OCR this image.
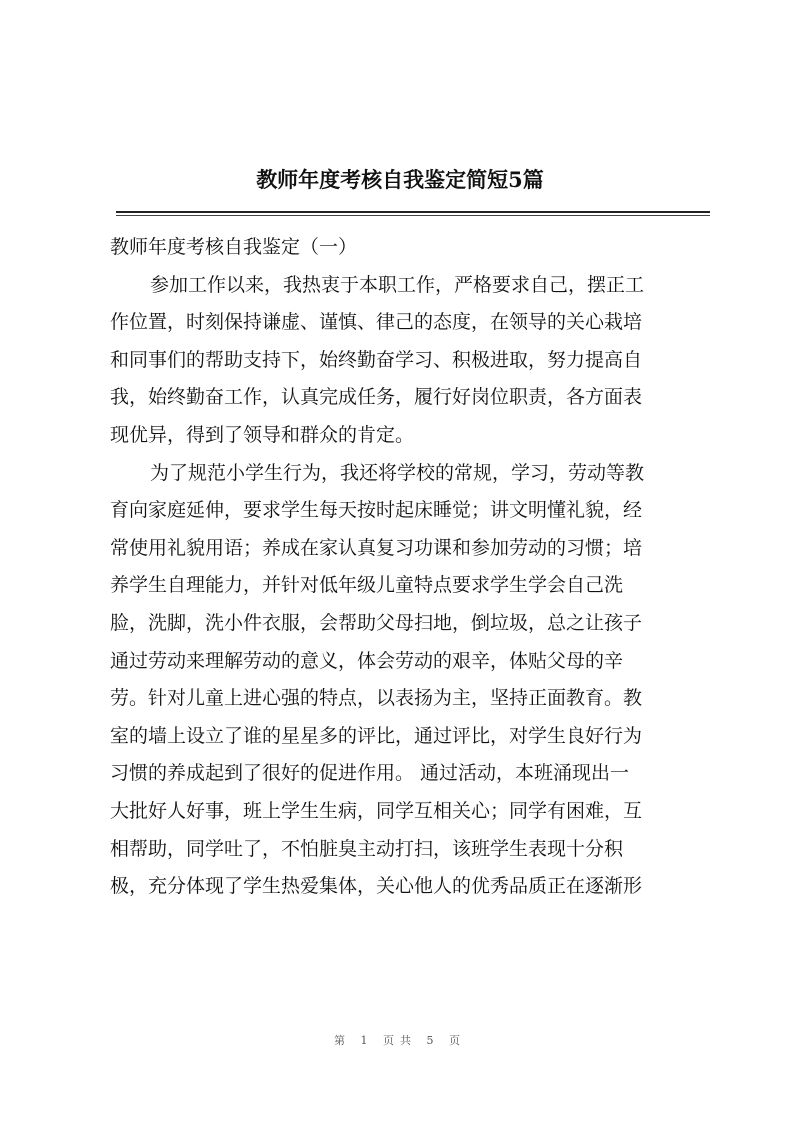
教师年度考核自我鉴定简短5篇
教师年度考核自我鉴定（一）
参加工作以来，我热衷于本职工作，严格要求自己，摆正工
作位置，时刻保持谦虚、谨慎、律己的态度，在领导的关心栽培
和同事们的帮助支持下，始终勤奋学习、积极进取，努力提高自
我，始终勤奋工作，认真完成任务，履行好岗位职责，各方面表
现优异，得到了领导和群众的肯定。
为了规范小学生行为，我还将学校的常规，学习，劳动等教
育向家庭延伸，要求学生每天按时起床睡觉；讲文明懂礼貌，经
常使用礼貌用语；养成在家认真复习功课和参加劳动的习惯；培
养学生自理能力，并针对低年级儿童特点要求学生学会自己洗
脸，洗脚，洗小件衣服，会帮助父母扫地，倒垃圾，总之让孩子
通过劳动来理解劳动的意义，体会劳动的艰辛，体贴父母的辛
劳。针对儿童上进心强的特点，以表扬为主，坚持正面教育。教
室的墙上设立了谁的星星多的评比，通过评比，对学生良好行为
习惯的养成起到了很好的促进作用。 通过活动，本班涌现出一
大批好人好事，班上学生生病，同学互相关心；同学有困难，互
相帮助，同学吐了，不怕脏臭主动打扫，该班学生表现十分积
极，充分体现了学生热爱集体，关心他人的优秀品质正在逐渐形
第 1 页共 5 页
